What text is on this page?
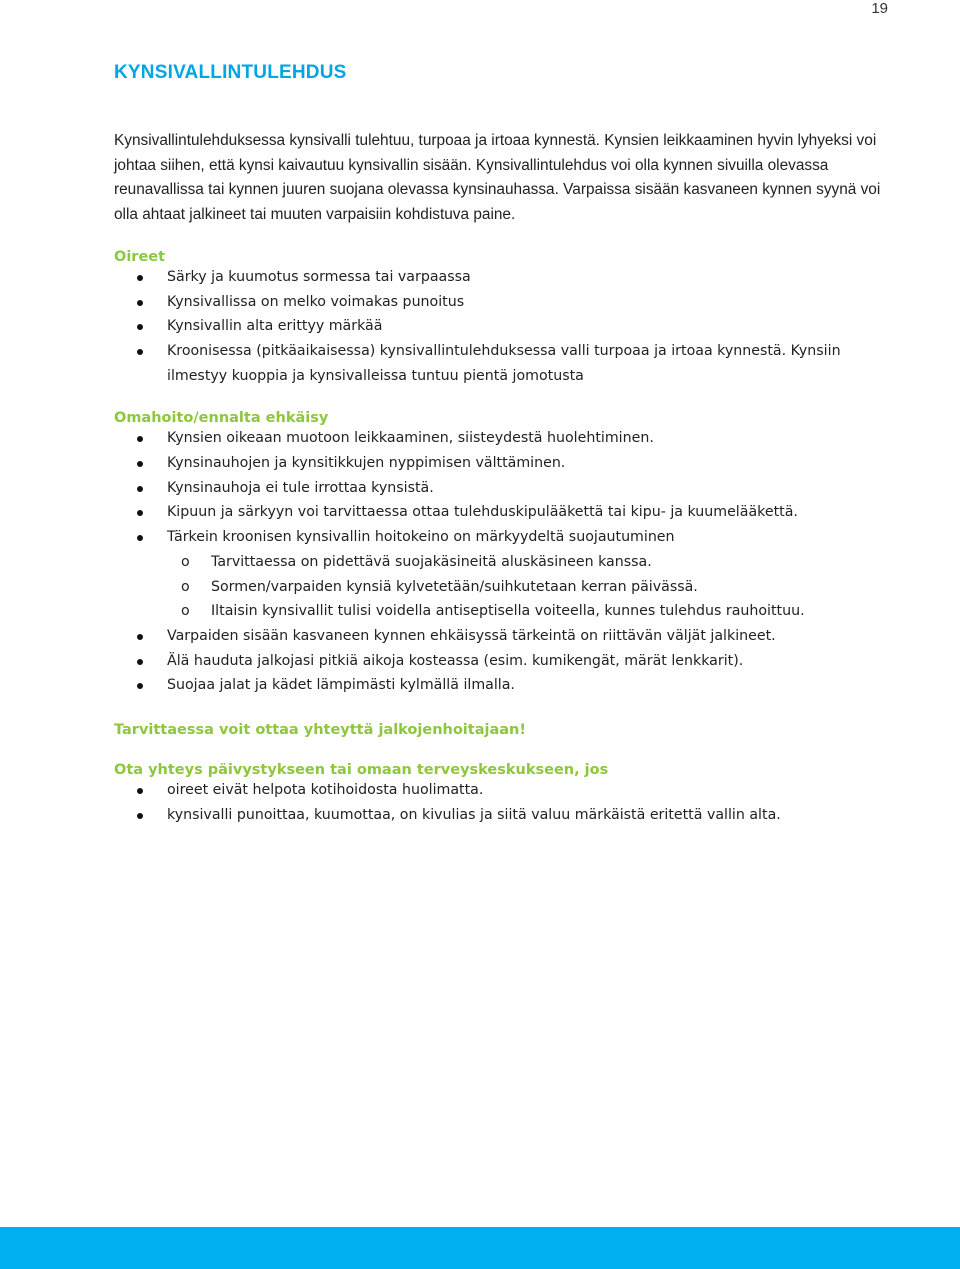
19
KYNSIVALLINTULEHDUS

Kynsivallintulehduksessa kynsivalli tulehtuu, turpoaa ja irtoaa kynnestä. Kynsien leikkaaminen hyvin lyhyeksi voi johtaa siihen, että kynsi kaivautuu kynsivallin sisään. Kynsivallintulehdus voi olla kynnen sivuilla olevassa reunavallissa tai kynnen juuren suojana olevassa kynsinauhassa. Varpaissa sisään kasvaneen kynnen syynä voi olla ahtaat jalkineet tai muuten varpaisiin kohdistuva paine.

Oireet

Särky ja kuumotus sormessa tai varpaassa
Kynsivallissa on melko voimakas punoitus
Kynsivallin alta erittyy märkää
Kroonisessa (pitkäaikaisessa) kynsivallintulehduksessa valli turpoaa ja irtoaa kynnestä. Kynsiin ilmestyy kuoppia ja kynsivalleissa tuntuu pientä jomotusta

Omahoito/ennalta ehkäisy

Kynsien oikeaan muotoon leikkaaminen, siisteydestä huolehtiminen.
Kynsinauhojen ja kynsitikkujen nyppimisen välttäminen.
Kynsinauhoja ei tule irrottaa kynsistä.
Kipuun ja särkyyn voi tarvittaessa ottaa tulehduskipulääkettä tai kipu- ja kuumelääkettä.
Tärkein kroonisen kynsivallin hoitokeino on märkyydeltä suojautuminen
o Tarvittaessa on pidettävä suojakäsineitä aluskäsineen kanssa.
o Sormen/varpaiden kynsiä kylvetetään/suihkutetaan kerran päivässä.
o Iltaisin kynsivallit tulisi voidella antiseptisella voiteella, kunnes tulehdus rauhoittuu.
Varpaiden sisään kasvaneen kynnen ehkäisyssä tärkeintä on riittävän väljät jalkineet.
Älä hauduta jalkojasi pitkiä aikoja kosteassa (esim. kumikengät, märät lenkkarit).
Suojaa jalat ja kädet lämpimästi kylmällä ilmalla.

Tarvittaessa voit ottaa yhteyttä jalkojenhoitajaan!

Ota yhteys päivystykseen tai omaan terveyskeskukseen, jos

oireet eivät helpota kotihoidosta huolimatta.
kynsivalli punoittaa, kuumottaa, on kivulias ja siitä valuu märkäistä eritettä vallin alta.
